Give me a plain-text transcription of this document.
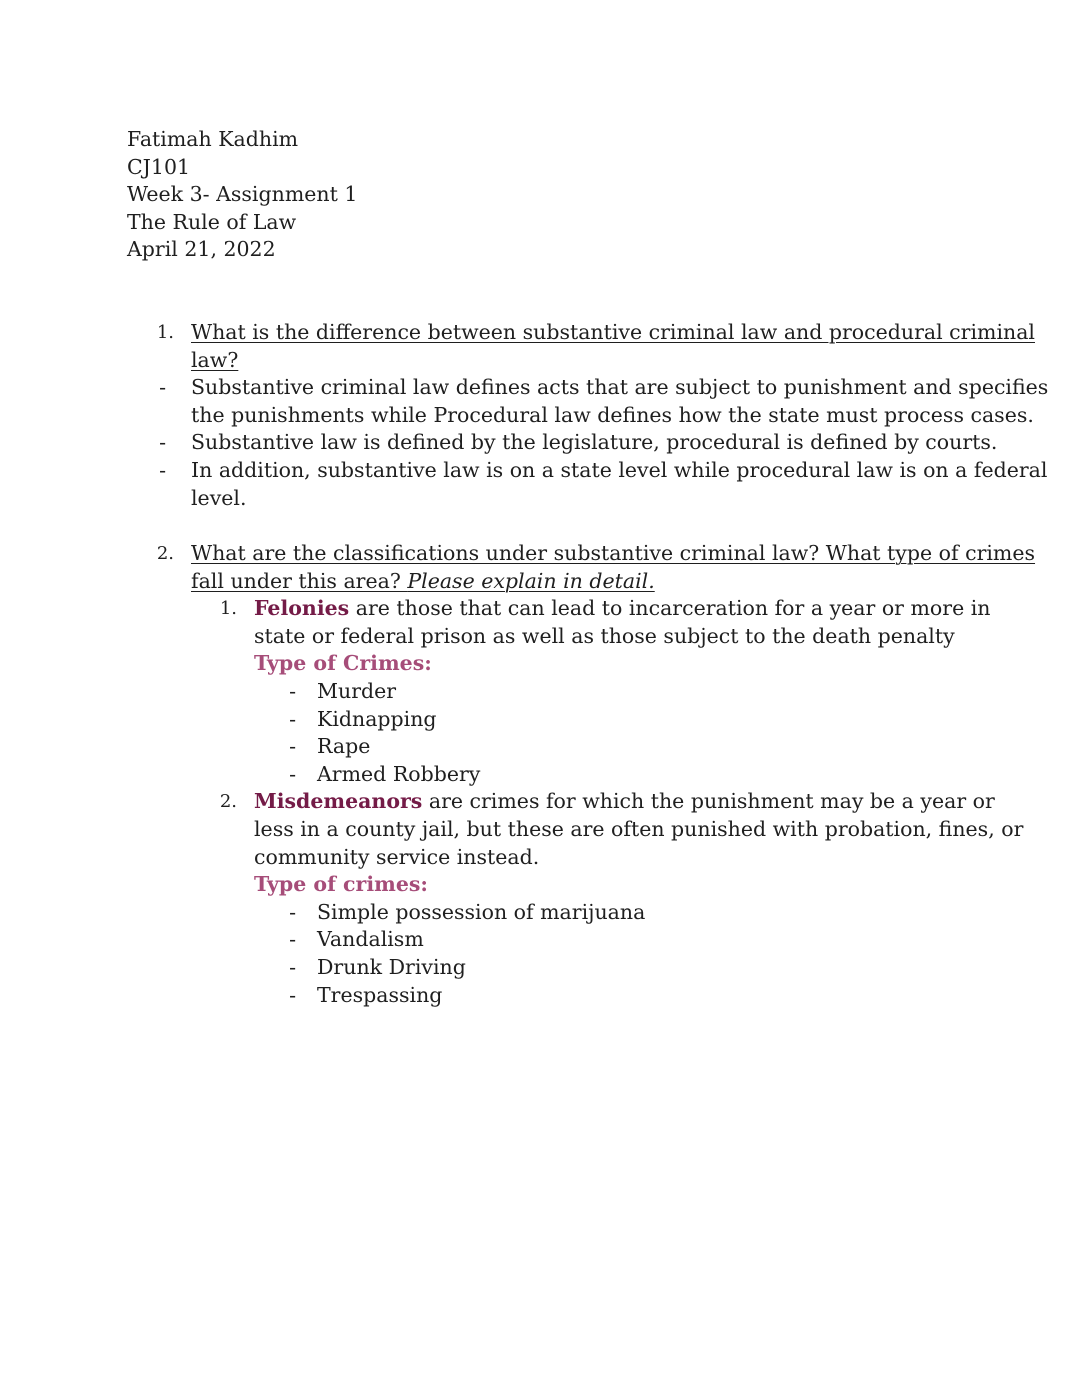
Fatimah Kadhim
CJ101
Week 3- Assignment 1
The Rule of Law
April 21, 2022
1. What is the difference between substantive criminal law and procedural criminal
law?
- Substantive criminal law defines acts that are subject to punishment and specifies
the punishments while Procedural law defines how the state must process cases.
- Substantive law is defined by the legislature, procedural is defined by courts.
- In addition, substantive law is on a state level while procedural law is on a federal
level.
2. What are the classifications under substantive criminal law? What type of crimes
fall under this area? Please explain in detail.
1. Felonies are those that can lead to incarceration for a year or more in
state or federal prison as well as those subject to the death penalty
Type of Crimes:
- Murder
- Kidnapping
- Rape
- Armed Robbery
2. Misdemeanors are crimes for which the punishment may be a year or
less in a county jail, but these are often punished with probation, fines, or
community service instead.
Type of crimes:
- Simple possession of marijuana
- Vandalism
- Drunk Driving
- Trespassing
